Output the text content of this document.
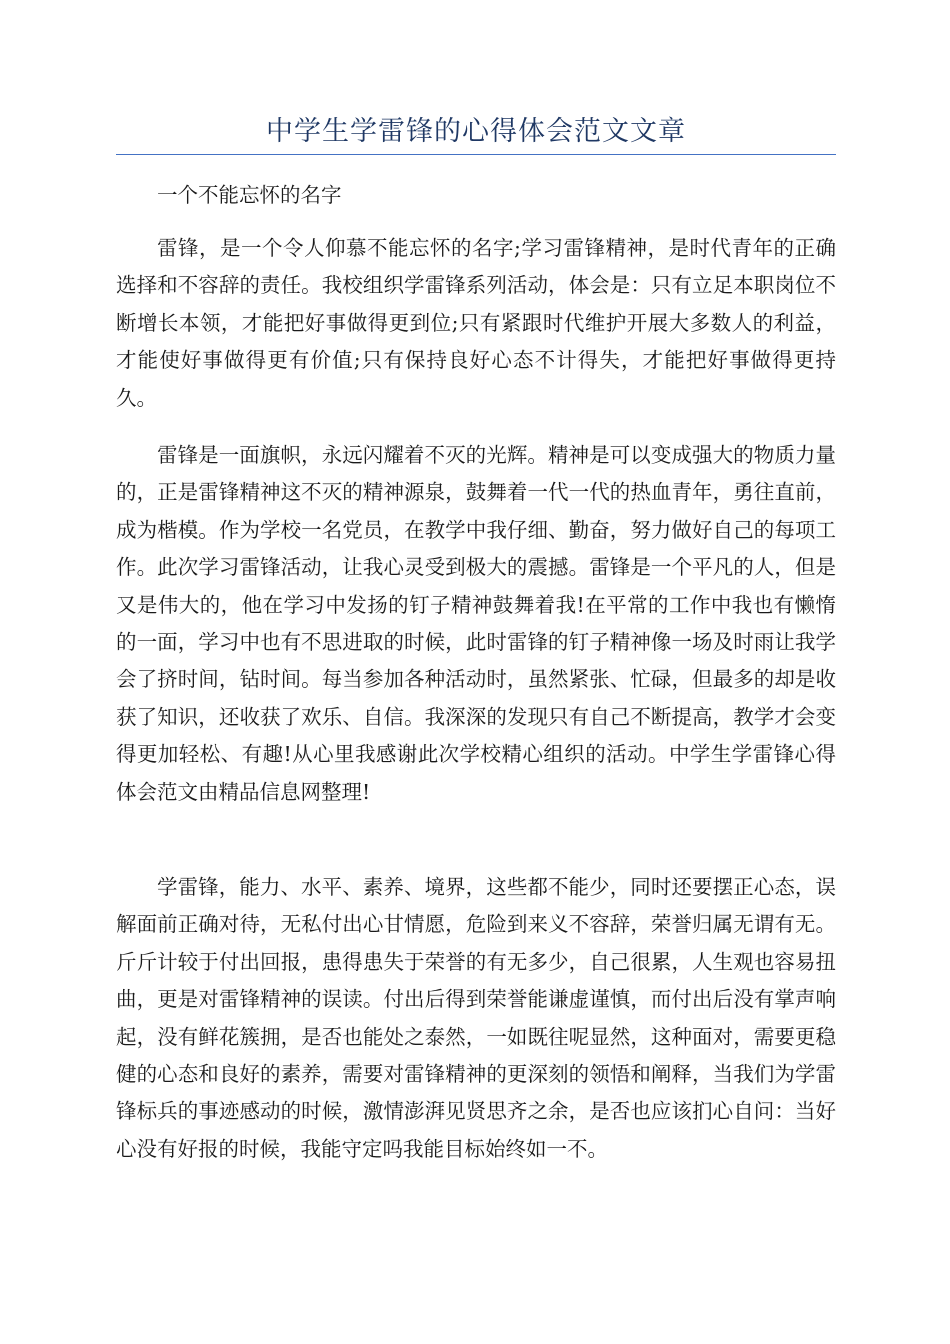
中学生学雷锋的心得体会范文文章

一个不能忘怀的名字

雷锋，是一个令人仰慕不能忘怀的名字;学习雷锋精神，是时代青年的正确选择和不容辞的责任。我校组织学雷锋系列活动，体会是：只有立足本职岗位不断增长本领，才能把好事做得更到位;只有紧跟时代维护开展大多数人的利益，才能使好事做得更有价值;只有保持良好心态不计得失，才能把好事做得更持久。

雷锋是一面旗帜，永远闪耀着不灭的光辉。精神是可以变成强大的物质力量的，正是雷锋精神这不灭的精神源泉，鼓舞着一代一代的热血青年，勇往直前，成为楷模。作为学校一名党员，在教学中我仔细、勤奋，努力做好自己的每项工作。此次学习雷锋活动，让我心灵受到极大的震撼。雷锋是一个平凡的人，但是又是伟大的，他在学习中发扬的钉子精神鼓舞着我!在平常的工作中我也有懒惰的一面，学习中也有不思进取的时候，此时雷锋的钉子精神像一场及时雨让我学会了挤时间，钻时间。每当参加各种活动时，虽然紧张、忙碌，但最多的却是收获了知识，还收获了欢乐、自信。我深深的发现只有自己不断提高，教学才会变得更加轻松、有趣!从心里我感谢此次学校精心组织的活动。中学生学雷锋心得体会范文由精品信息网整理!

学雷锋，能力、水平、素养、境界，这些都不能少，同时还要摆正心态，误解面前正确对待，无私付出心甘情愿，危险到来义不容辞，荣誉归属无谓有无。斤斤计较于付出回报，患得患失于荣誉的有无多少，自己很累，人生观也容易扭曲，更是对雷锋精神的误读。付出后得到荣誉能谦虚谨慎，而付出后没有掌声响起，没有鲜花簇拥，是否也能处之泰然，一如既往呢显然，这种面对，需要更稳健的心态和良好的素养，需要对雷锋精神的更深刻的领悟和阐释，当我们为学雷锋标兵的事迹感动的时候，激情澎湃见贤思齐之余，是否也应该扪心自问：当好心没有好报的时候，我能守定吗我能目标始终如一不。
